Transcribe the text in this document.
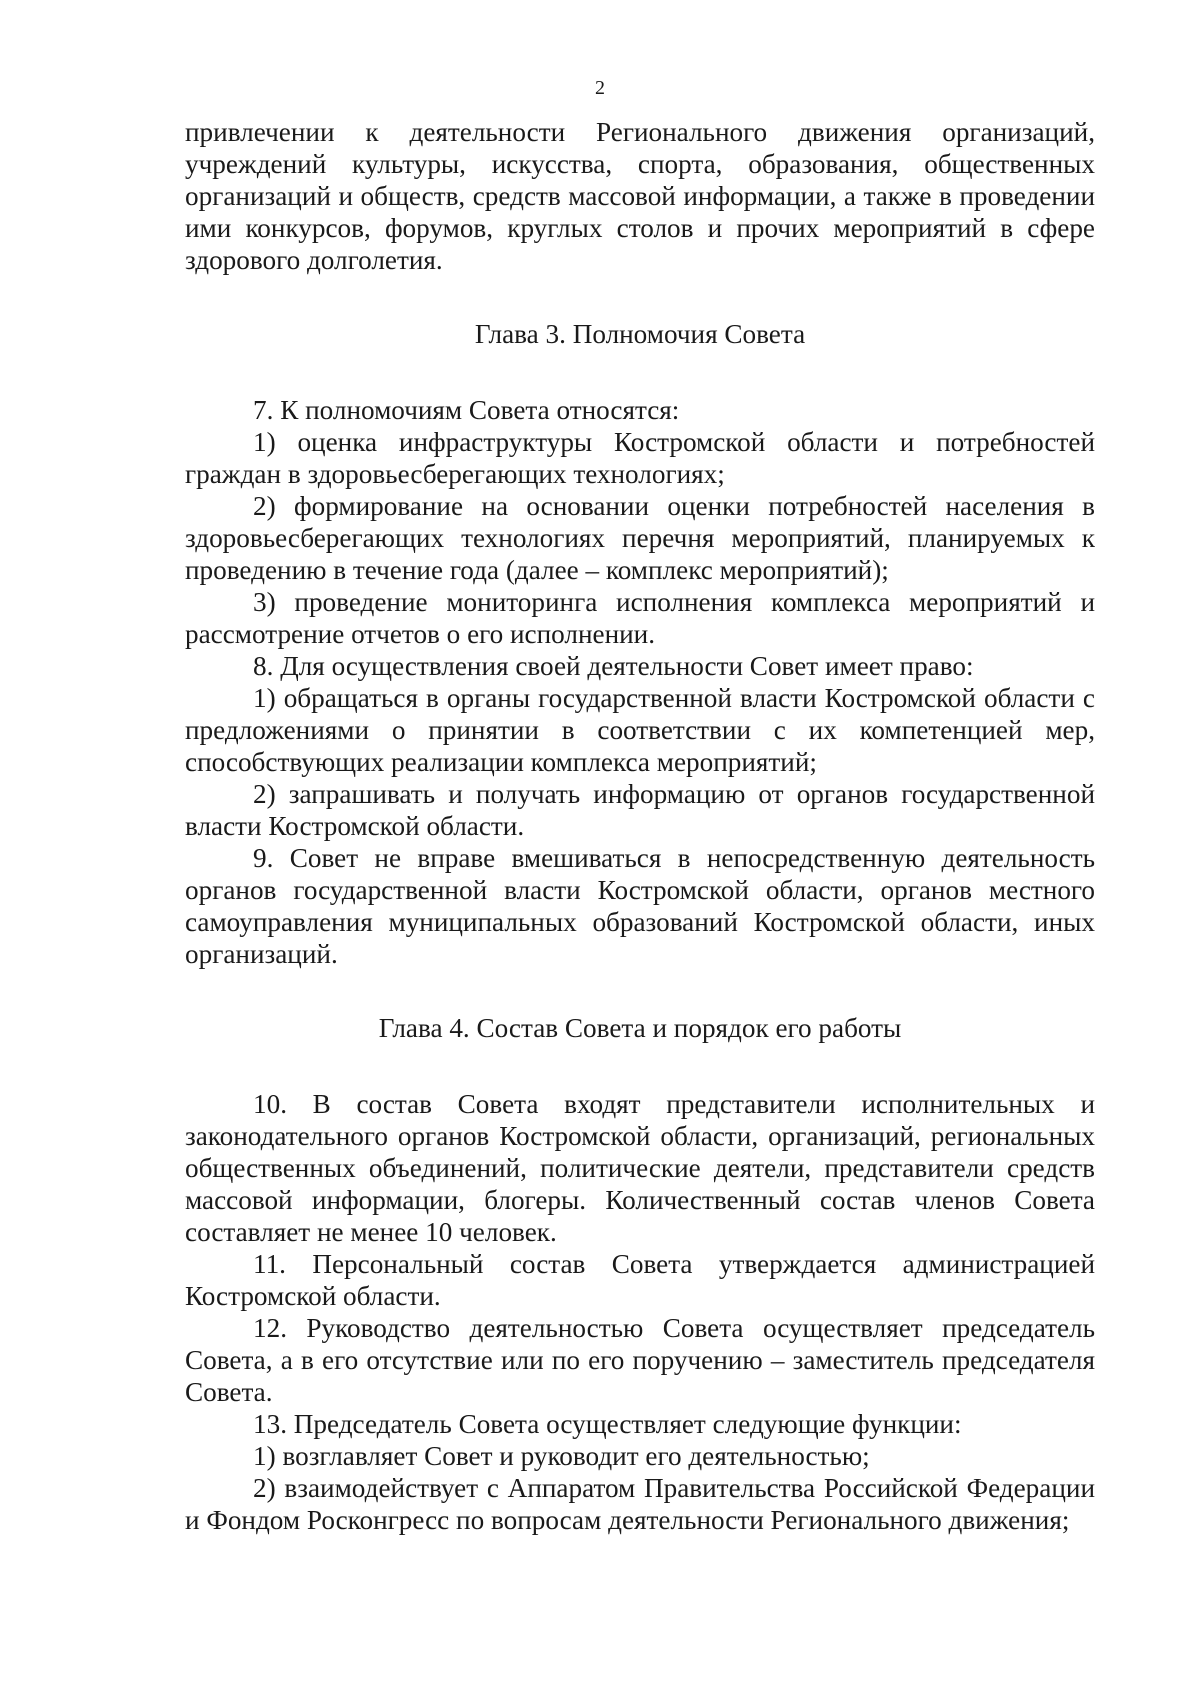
2

привлечении к деятельности Регионального движения организаций, учреждений культуры, искусства, спорта, образования, общественных организаций и обществ, средств массовой информации, а также в проведении ими конкурсов, форумов, круглых столов и прочих мероприятий в сфере здорового долголетия.

Глава 3. Полномочия Совета

7. К полномочиям Совета относятся:

1) оценка инфраструктуры Костромской области и потребностей граждан в здоровьесберегающих технологиях;

2) формирование на основании оценки потребностей населения в здоровьесберегающих технологиях перечня мероприятий, планируемых к проведению в течение года (далее – комплекс мероприятий);

3) проведение мониторинга исполнения комплекса мероприятий и рассмотрение отчетов о его исполнении.

8. Для осуществления своей деятельности Совет имеет право:

1) обращаться в органы государственной власти Костромской области с предложениями о принятии в соответствии с их компетенцией мер, способствующих реализации комплекса мероприятий;

2) запрашивать и получать информацию от органов государственной власти Костромской области.

9. Совет не вправе вмешиваться в непосредственную деятельность органов государственной власти Костромской области, органов местного самоуправления муниципальных образований Костромской области, иных организаций.

Глава 4. Состав Совета и порядок его работы

10. В состав Совета входят представители исполнительных и законодательного органов Костромской области, организаций, региональных общественных объединений, политические деятели, представители средств массовой информации, блогеры. Количественный состав членов Совета составляет не менее 10 человек.

11. Персональный состав Совета утверждается администрацией Костромской области.

12. Руководство деятельностью Совета осуществляет председатель Совета, а в его отсутствие или по его поручению – заместитель председателя Совета.

13. Председатель Совета осуществляет следующие функции:

1) возглавляет Совет и руководит его деятельностью;

2) взаимодействует с Аппаратом Правительства Российской Федерации и Фондом Росконгресс по вопросам деятельности Регионального движения;
